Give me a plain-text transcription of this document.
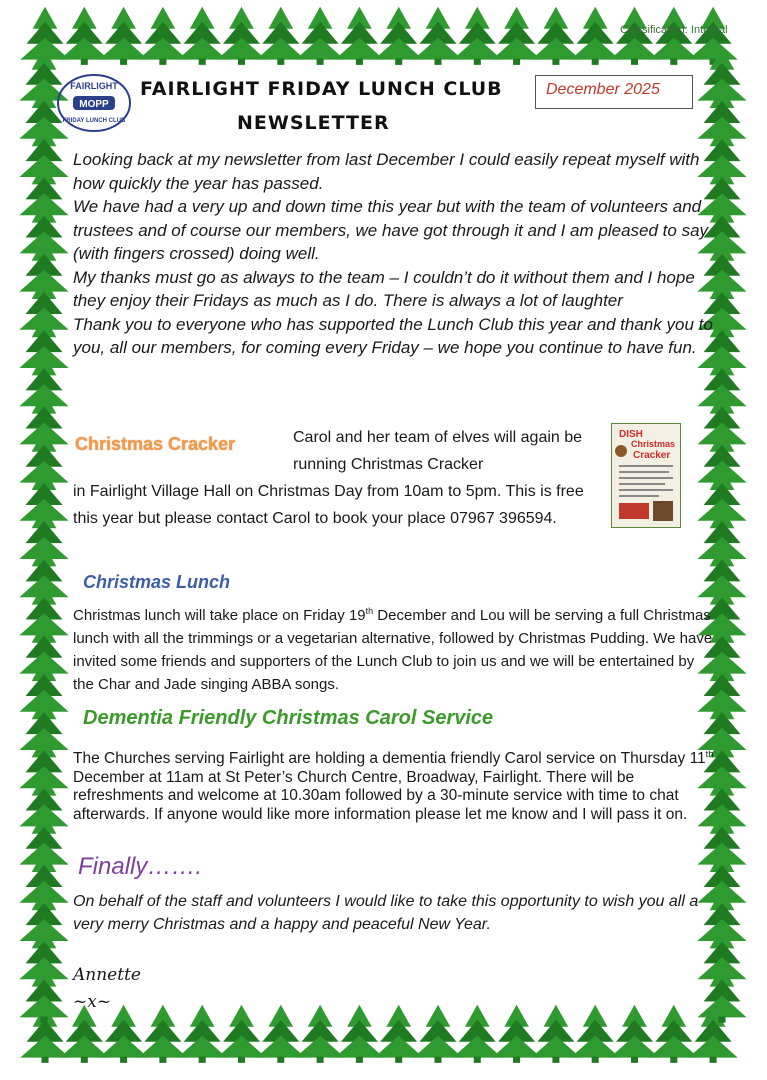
Classification: Internal
FAIRLIGHT
MOPP
FRIDAY LUNCH CLUB
FAIRLIGHT FRIDAY LUNCH CLUB
NEWSLETTER
December 2025

Looking back at my newsletter from last December I could easily repeat myself with how quickly the year has passed.

We have had a very up and down time this year but with the team of volunteers and trustees and of course our members, we have got through it and I am pleased to say (with fingers crossed) doing well.

My thanks must go as always to the team – I couldn’t do it without them and I hope they enjoy their Fridays as much as I do. There is always a lot of laughter

Thank you to everyone who has supported the Lunch Club this year and thank you to you, all our members, for coming every Friday – we hope you continue to have fun.

Christmas Cracker	Carol and her team of elves will again be running Christmas Cracker
in Fairlight Village Hall on Christmas Day from 10am to 5pm. This is free this year but please contact Carol to book your place 07967 396594.
DISH
Christmas
Cracker
Christmas Lunch
Christmas lunch will take place on Friday 19th December and Lou will be serving a full Christmas lunch with all the trimmings or a vegetarian alternative, followed by Christmas Pudding. We have invited some friends and supporters of the Lunch Club to join us and we will be entertained by the Char and Jade singing ABBA songs.
Dementia Friendly Christmas Carol Service
The Churches serving Fairlight are holding a dementia friendly Carol service on Thursday 11th December at 11am at St Peter’s Church Centre, Broadway, Fairlight. There will be refreshments and welcome at 10.30am followed by a 30-minute service with time to chat afterwards. If anyone would like more information please let me know and I will pass it on.
Finally…….
On behalf of the staff and volunteers I would like to take this opportunity to wish you all a very merry Christmas and a happy and peaceful New Year.
Annette
~x~
